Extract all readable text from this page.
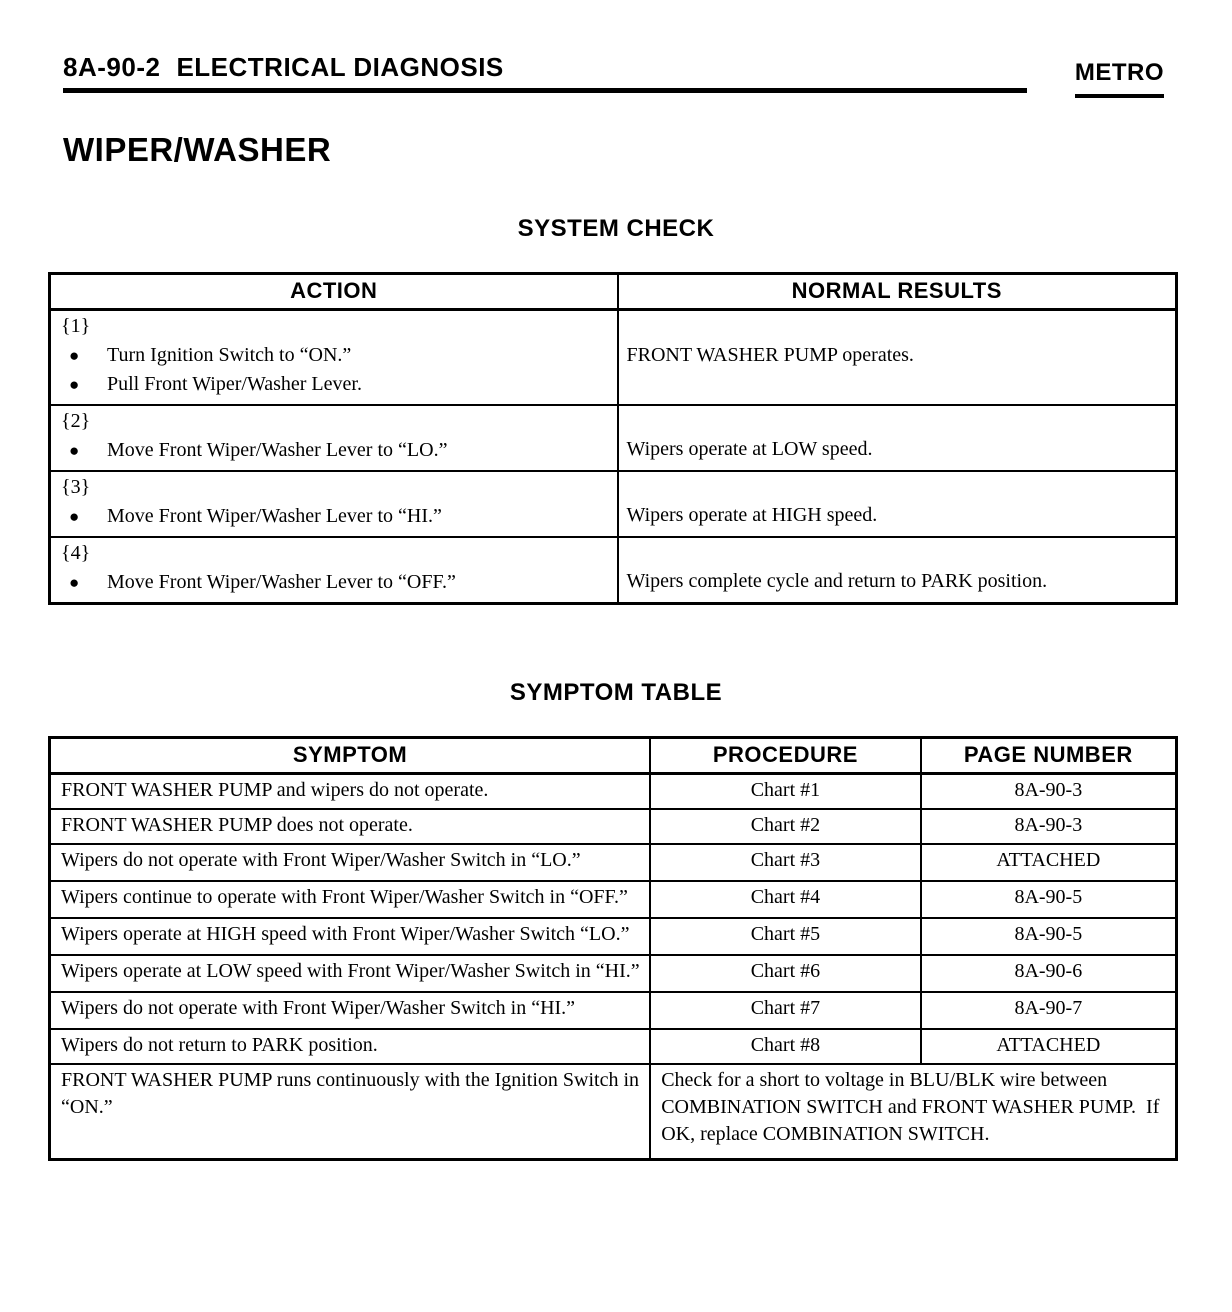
8A-90-2 ELECTRICAL DIAGNOSIS	METRO
WIPER/WASHER
SYSTEM CHECK
ACTION	NORMAL RESULTS

{1}
● Turn Ignition Switch to “ON.”
● Pull Front Wiper/Washer Lever.	FRONT WASHER PUMP operates.

{2}
● Move Front Wiper/Washer Lever to “LO.”	Wipers operate at LOW speed.

{3}
● Move Front Wiper/Washer Lever to “HI.”	Wipers operate at HIGH speed.

{4}
● Move Front Wiper/Washer Lever to “OFF.”	Wipers complete cycle and return to PARK position.
SYMPTOM TABLE
SYMPTOM	PROCEDURE	PAGE NUMBER
FRONT WASHER PUMP and wipers do not operate.	Chart #1	8A-90-3
FRONT WASHER PUMP does not operate.	Chart #2	8A-90-3
Wipers do not operate with Front Wiper/Washer Switch in “LO.”	Chart #3	ATTACHED
Wipers continue to operate with Front Wiper/Washer Switch in “OFF.”	Chart #4	8A-90-5
Wipers operate at HIGH speed with Front Wiper/Washer Switch “LO.”	Chart #5	8A-90-5
Wipers operate at LOW speed with Front Wiper/Washer Switch in “HI.”	Chart #6	8A-90-6
Wipers do not operate with Front Wiper/Washer Switch in “HI.”	Chart #7	8A-90-7
Wipers do not return to PARK position.	Chart #8	ATTACHED
FRONT WASHER PUMP runs continuously with the Ignition Switch in “ON.”	Check for a short to voltage in BLU/BLK wire between COMBINATION SWITCH and FRONT WASHER PUMP.  If OK, replace COMBINATION SWITCH.	
